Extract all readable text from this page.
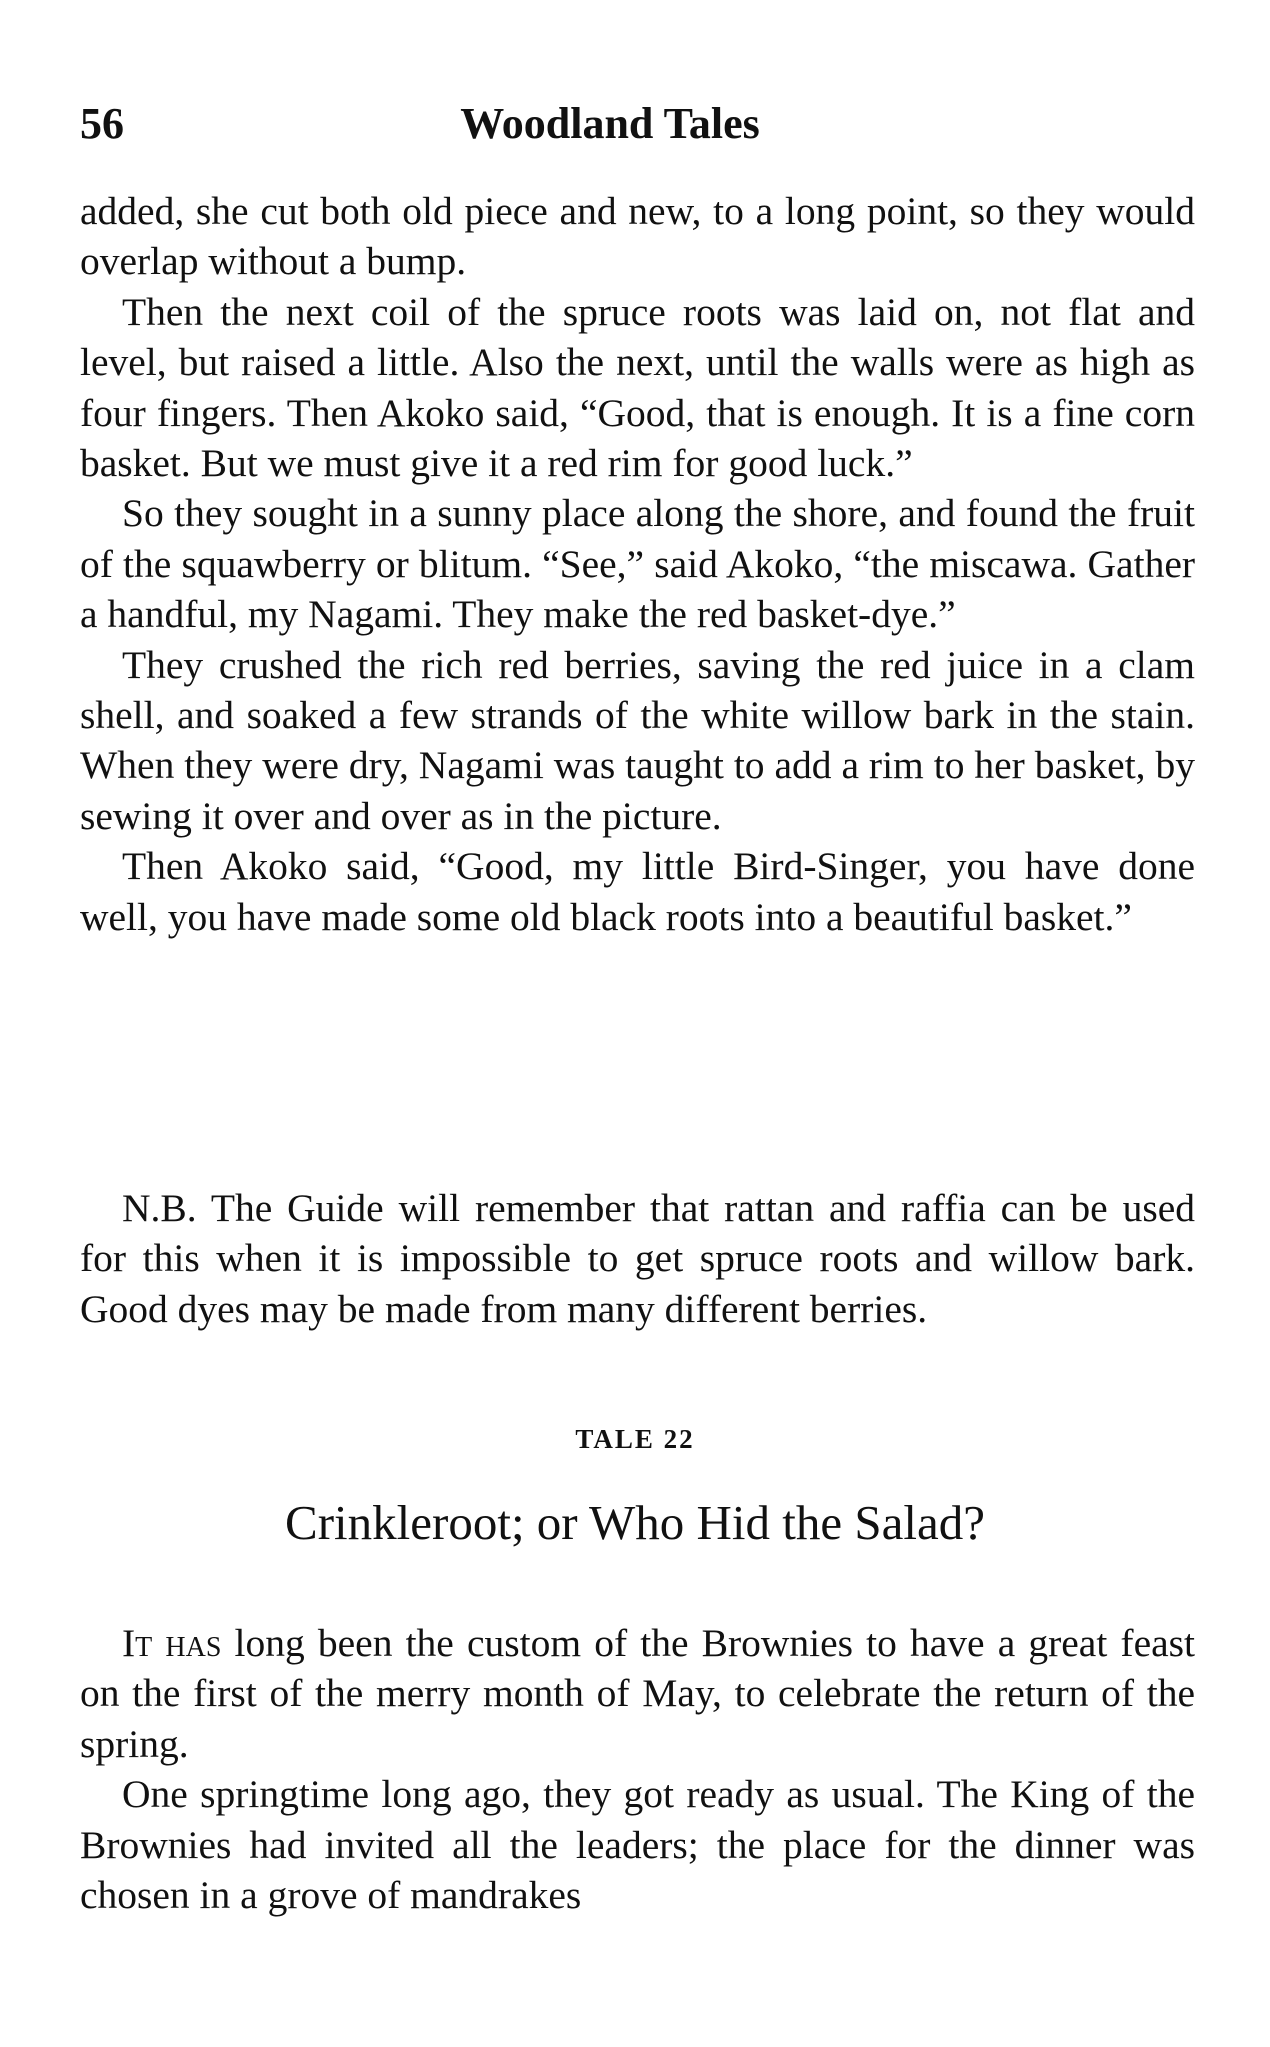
56	Woodland Tales

added, she cut both old piece and new, to a long point, so they would overlap without a bump.

Then the next coil of the spruce roots was laid on, not flat and level, but raised a little. Also the next, until the walls were as high as four fingers. Then Akoko said, “Good, that is enough. It is a fine corn basket. But we must give it a red rim for good luck.”

So they sought in a sunny place along the shore, and found the fruit of the squawberry or blitum. “See,” said Akoko, “the miscawa. Gather a handful, my Nagami. They make the red basket-dye.”

They crushed the rich red berries, saving the red juice in a clam shell, and soaked a few strands of the white willow bark in the stain. When they were dry, Nagami was taught to add a rim to her basket, by sewing it over and over as in the picture.

Then Akoko said, “Good, my little Bird-Singer, you have done well, you have made some old black roots into a beautiful basket.”

N.B. The Guide will remember that rattan and raffia can be used for this when it is impossible to get spruce roots and willow bark. Good dyes may be made from many different berries.

TALE 22
Crinkleroot; or Who Hid the Salad?

It has long been the custom of the Brownies to have a great feast on the first of the merry month of May, to celebrate the return of the spring.

One springtime long ago, they got ready as usual. The King of the Brownies had invited all the leaders; the place for the dinner was chosen in a grove of mandrakes
